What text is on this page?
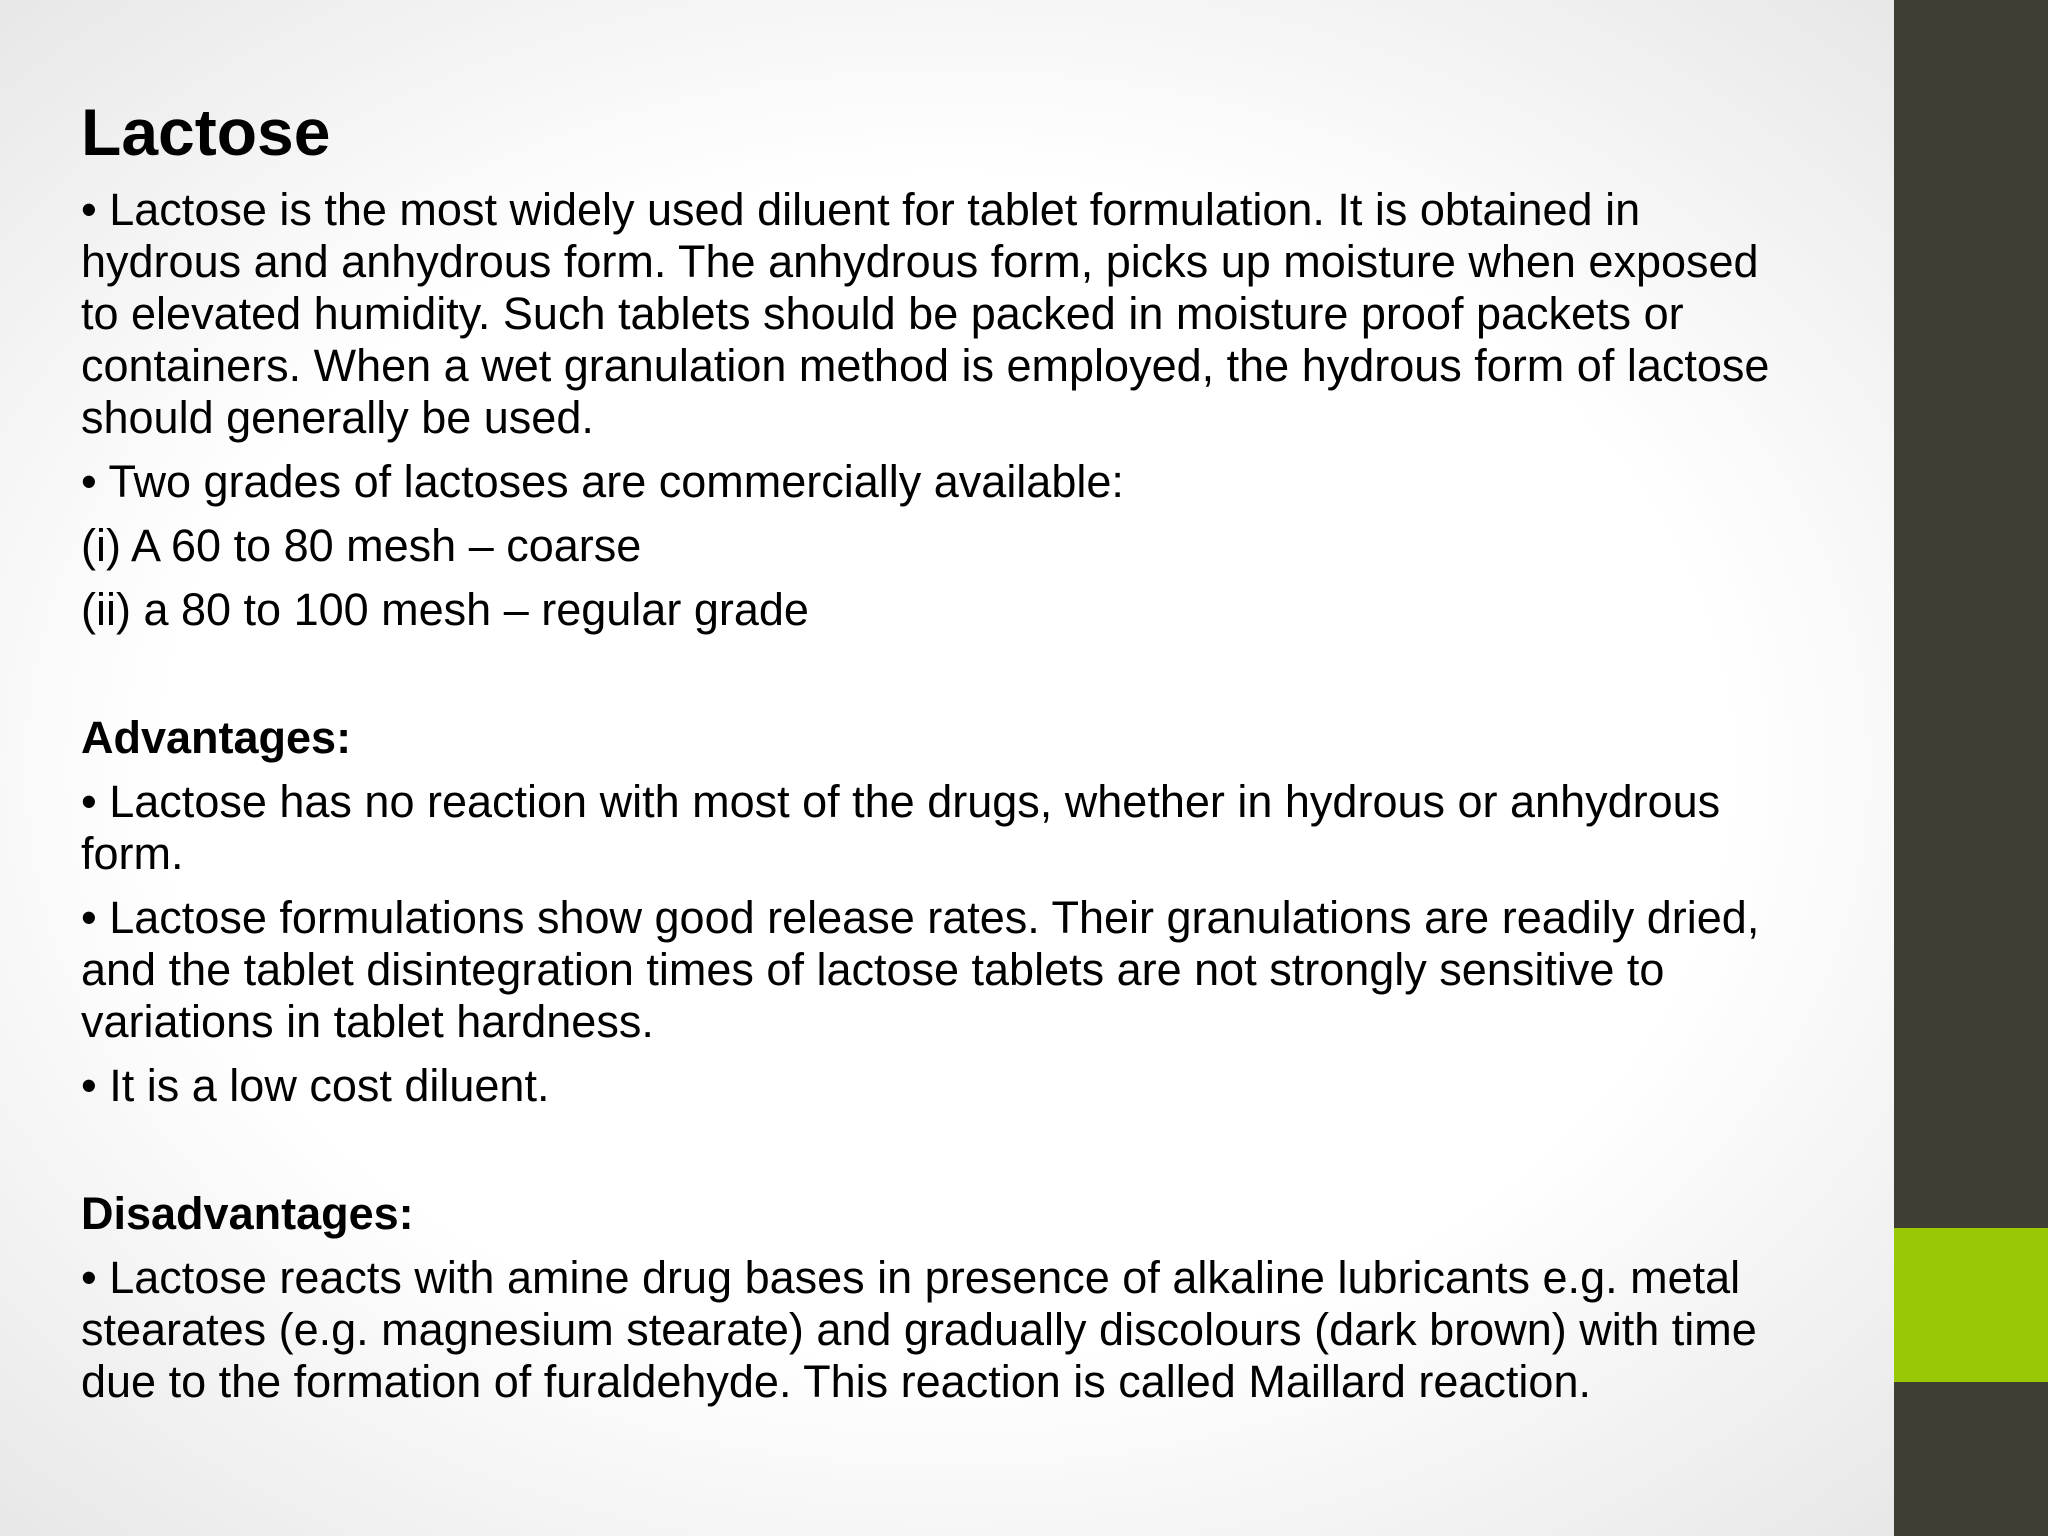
Lactose
• Lactose is the most widely used diluent for tablet formulation. It is obtained in hydrous and anhydrous form. The anhydrous form, picks up moisture when exposed to elevated humidity. Such tablets should be packed in moisture proof packets or containers. When a wet granulation method is employed, the hydrous form of lactose should generally be used.
• Two grades of lactoses are commercially available:
(i) A 60 to 80 mesh – coarse
(ii) a 80 to 100 mesh – regular grade
Advantages:
• Lactose has no reaction with most of the drugs, whether in hydrous or anhydrous form.
• Lactose formulations show good release rates. Their granulations are readily dried, and the tablet disintegration times of lactose tablets are not strongly sensitive to variations in tablet hardness.
• It is a low cost diluent.
Disadvantages:
• Lactose reacts with amine drug bases in presence of alkaline lubricants e.g. metal stearates (e.g. magnesium stearate) and gradually discolours (dark brown) with time due to the formation of furaldehyde. This reaction is called Maillard reaction.
